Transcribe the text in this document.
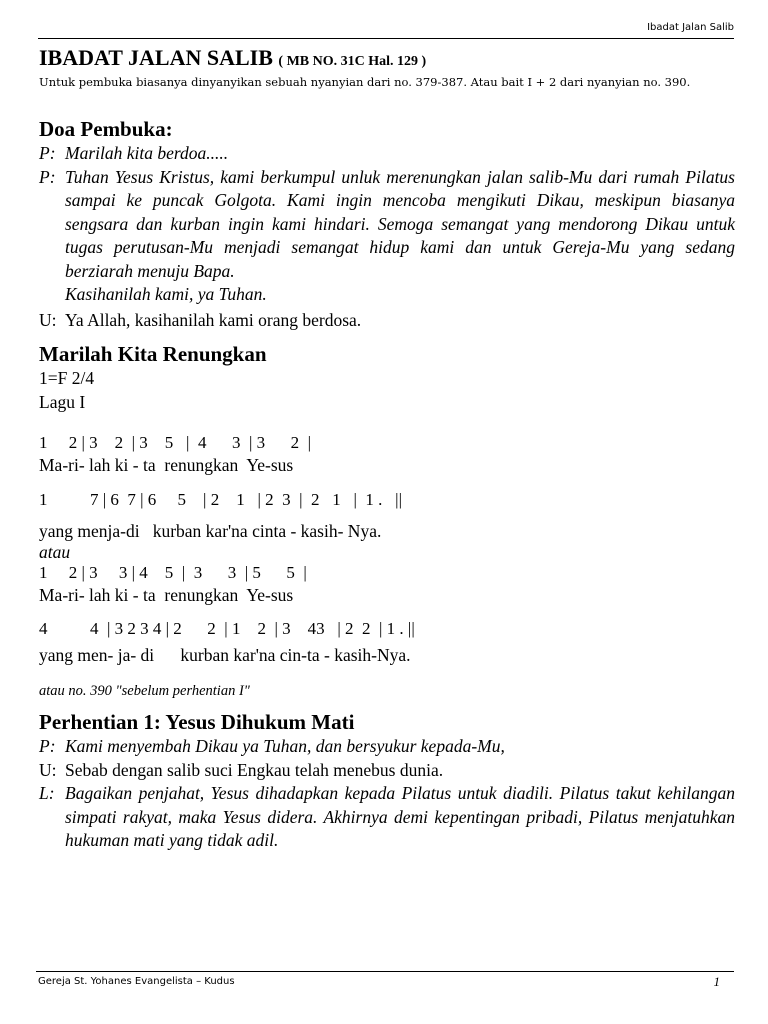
Ibadat Jalan Salib
IBADAT JALAN SALIB ( MB NO. 31C Hal. 129 )
Untuk pembuka biasanya dinyanyikan sebuah nyanyian dari no. 379-387. Atau bait I + 2 dari nyanyian no. 390.
Doa Pembuka:
P: Marilah kita berdoa.....
P: Tuhan Yesus Kristus, kami berkumpul unluk merenungkan jalan salib-Mu dari rumah Pilatus sampai ke puncak Golgota. Kami ingin mencoba mengikuti Dikau, meskipun biasanya sengsara dan kurban ingin kami hindari. Semoga semangat yang mendorong Dikau untuk tugas perutusan-Mu menjadi semangat hidup kami dan untuk Gereja-Mu yang sedang berziarah menuju Bapa.
Kasihanilah kami, ya Tuhan.
U: Ya Allah, kasihanilah kami orang berdosa.
Marilah Kita Renungkan
1=F 2/4
Lagu I
1     2 | 3    2  | 3    5   |  4      3  | 3      2  |
Ma-ri- lah ki - ta  renungkan  Ye-sus
1          7 | 6  7 | 6     5    | 2    1   | 2  3  |  2   1   |  1 .   ||
yang menja-di   kurban kar'na cinta - kasih- Nya.
atau
1     2 | 3     3 | 4    5  |  3      3  | 5      5  |
Ma-ri- lah ki - ta  renungkan  Ye-sus
4          4  | 3 2 3 4 | 2      2  | 1    2  | 3    43   | 2  2  | 1 . ||
yang men- ja- di      kurban kar'na cin-ta - kasih-Nya.
atau no. 390 "sebelum perhentian I"
Perhentian 1: Yesus Dihukum Mati
P: Kami menyembah Dikau ya Tuhan, dan bersyukur kepada-Mu,
U: Sebab dengan salib suci Engkau telah menebus dunia.
L: Bagaikan penjahat, Yesus dihadapkan kepada Pilatus untuk diadili. Pilatus takut kehilangan simpati rakyat, maka Yesus didera. Akhirnya demi kepentingan pribadi, Pilatus menjatuhkan hukuman mati yang tidak adil.
Gereja St. Yohanes Evangelista – Kudus	1
